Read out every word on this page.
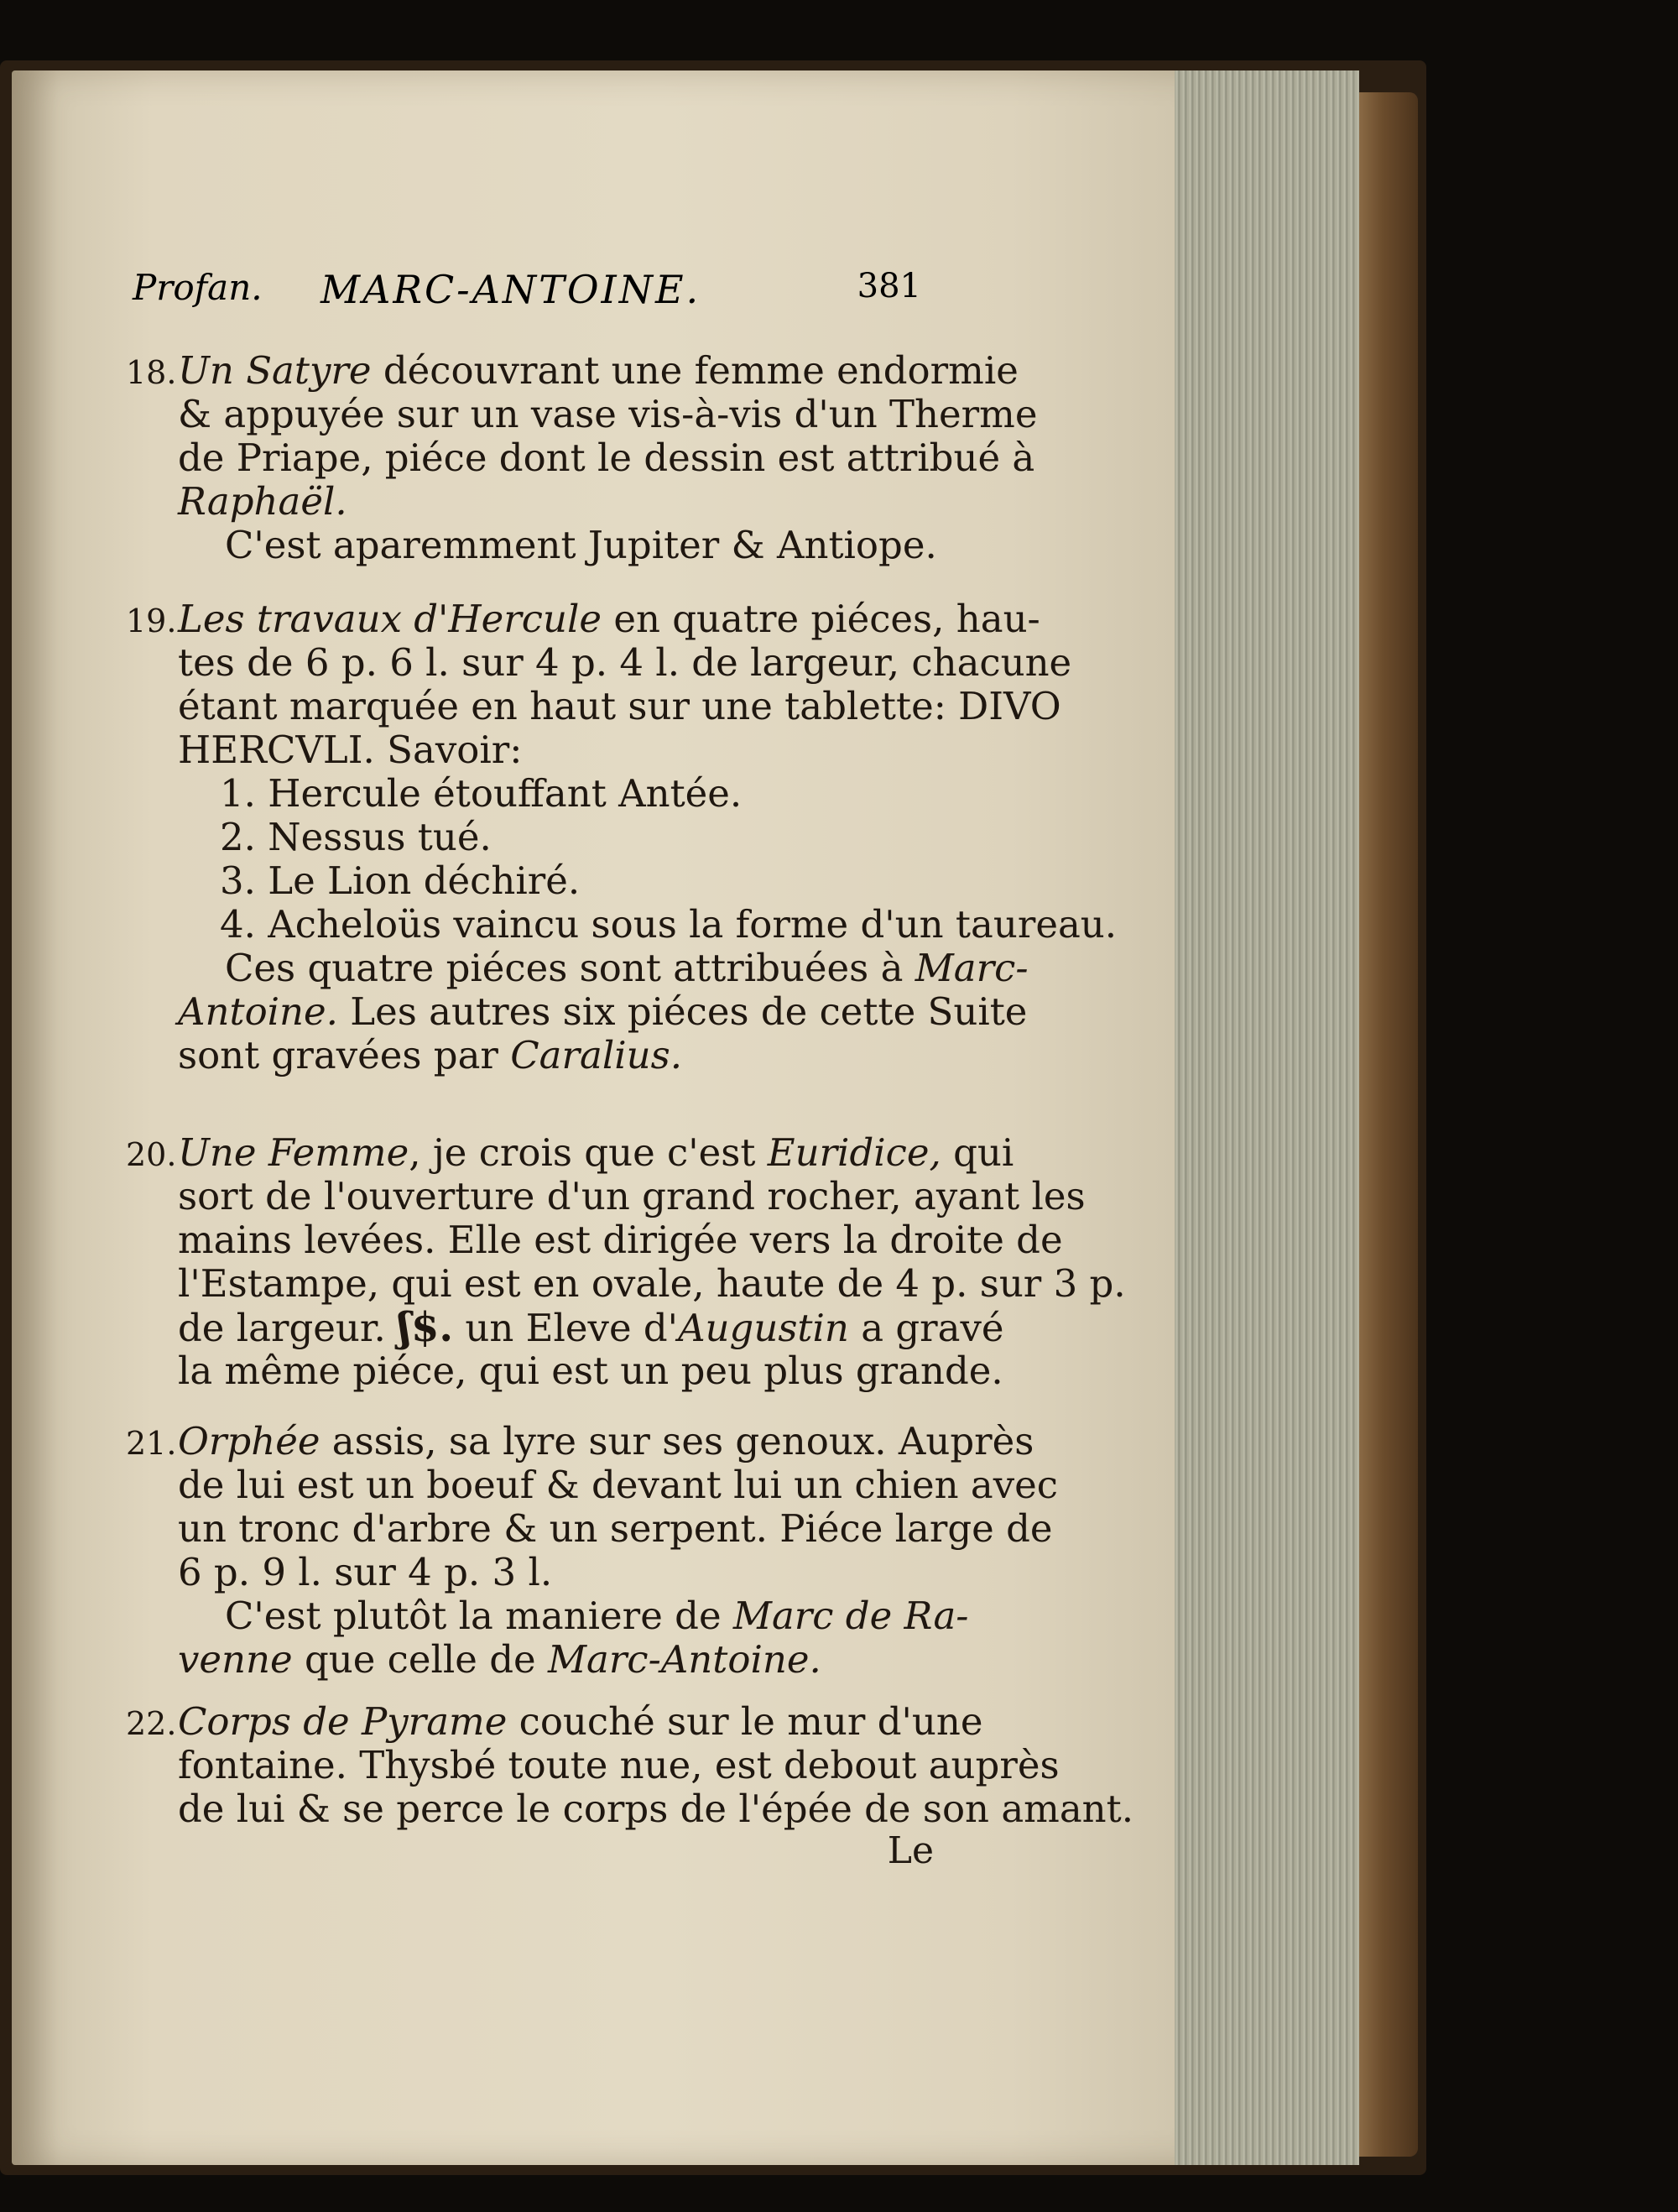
Profan. MARC-ANTOINE.	381
18.Un Satyre découvrant une femme endormie
& appuyée sur un vase vis-à-vis d'un Therme
de Priape, piéce dont le dessin est attribué à
Raphaël.
C'est aparemment Jupiter & Antiope.
19.Les travaux d'Hercule en quatre piéces, hau-
tes de 6 p. 6 l. sur 4 p. 4 l. de largeur, chacune
étant marquée en haut sur une tablette: DIVO
HERCVLI. Savoir:
1. Hercule étouffant Antée.
2. Nessus tué.
3. Le Lion déchiré.
4. Acheloüs vaincu sous la forme d'un taureau.
Ces quatre piéces sont attribuées à Marc-
Antoine. Les autres six piéces de cette Suite
sont gravées par Caralius.
20.Une Femme, je crois que c'est Euridice, qui
sort de l'ouverture d'un grand rocher, ayant les
mains levées. Elle est dirigée vers la droite de
l'Estampe, qui est en ovale, haute de 4 p. sur 3 p.
de largeur. ʃ$. un Eleve d'Augustin a gravé
la même piéce, qui est un peu plus grande.
21.Orphée assis, sa lyre sur ses genoux. Auprès
de lui est un boeuf & devant lui un chien avec
un tronc d'arbre & un serpent. Piéce large de
6 p. 9 l. sur 4 p. 3 l.
C'est plutôt la maniere de Marc de Ra-
venne que celle de Marc-Antoine.
22.Corps de Pyrame couché sur le mur d'une
fontaine. Thysbé toute nue, est debout auprès
de lui & se perce le corps de l'épée de son amant.
Le
